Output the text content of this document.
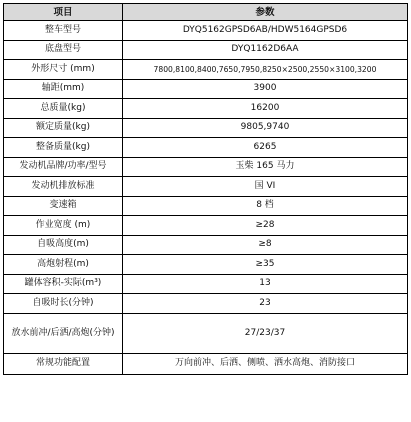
项目	参数
整车型号	DYQ5162GPSD6AB/HDW5164GPSD6
底盘型号	DYQ1162D6AA
外形尺寸 (mm)	7800,8100,8400,7650,7950,8250×2500,2550×3100,3200
轴距(mm)	3900
总质量(kg)	16200
额定质量(kg)	9805,9740
整备质量(kg)	6265
发动机品牌/功率/型号	玉柴 165 马力
发动机排放标准	国 VI
变速箱	8 档
作业宽度 (m)	≥28
自吸高度(m)	≥8
高炮射程(m)	≥35
罐体容积-实际(m³)	13
自吸时长(分钟)	23
放水前冲/后洒/高炮(分钟)	27/23/37
常规功能配置	万向前冲、后洒、侧喷、洒水高炮、消防接口
